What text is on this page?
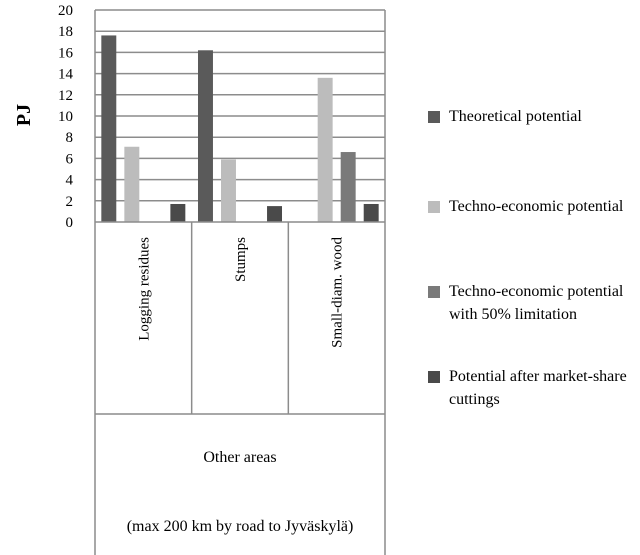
0
2
4
6
8
10
12
14
16
18
20
PJ
Logging residues	Stumps	Small-diam. wood
Other areas
(max 200 km by road to Jyväskylä)
Theoretical potential
Techno-economic potential
Techno-economic potential with 50% limitation
Potential after market-share cuttings
